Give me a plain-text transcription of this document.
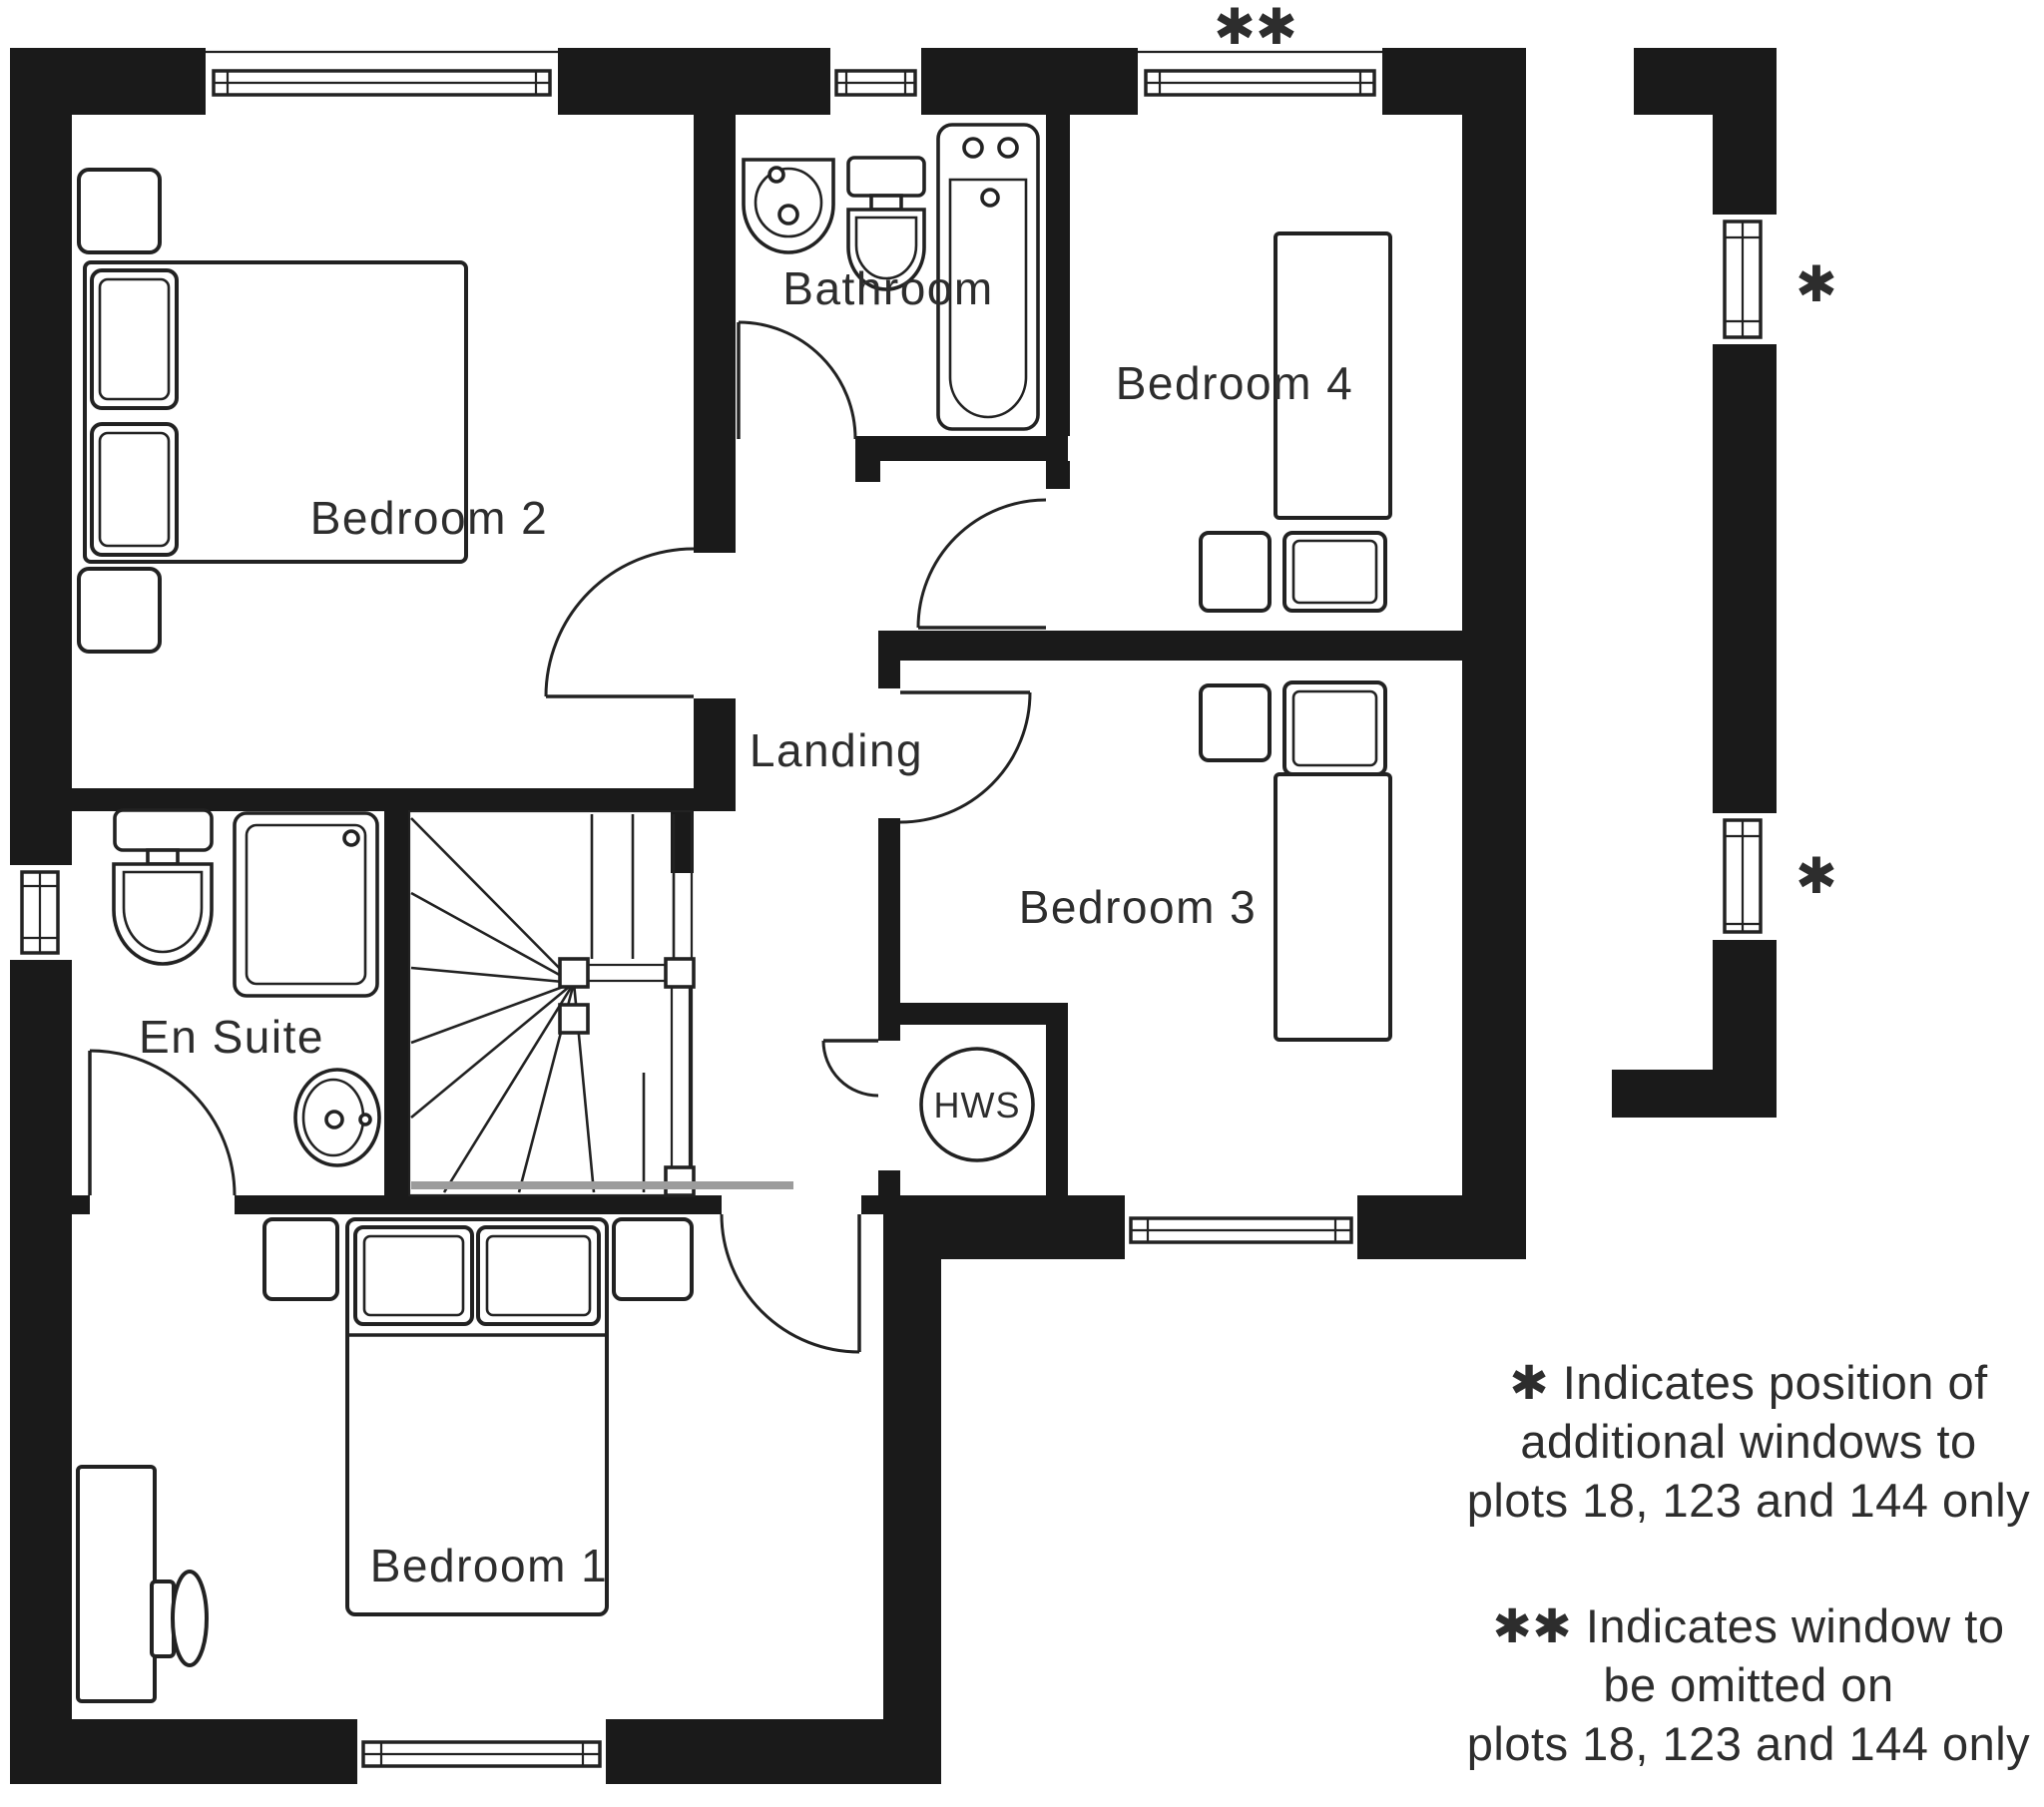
Bedroom 2
Bathroom
Bedroom 4
Landing
Bedroom 3
En Suite
Bedroom 1
HWS
✱✱
✱
✱
✱ Indicates position of
additional windows to
plots 18, 123 and 144 only
✱✱ Indicates window to
be omitted on
plots 18, 123 and 144 only
